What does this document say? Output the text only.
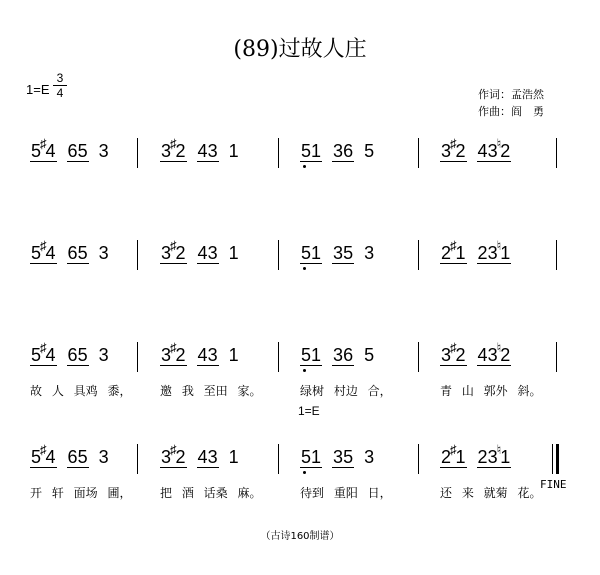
(89)过故人庄
1=E
3
4	作词：孟浩然
作曲：阎　勇
5♯4 65 3	3♯2 43 1	51 36 5	3♯2 43♮2
5♯4 65 3	3♯2 43 1	51 35 3	2♯1 23♮1
5♯4 65 3	3♯2 43 1	51 36 5	3♯2 43♮2
故 人 具鸡 黍， 邀 我 至田 家。	绿树 村边 合，	青 山 郭外 斜。
5♯4 65 3	3♯2 43 1	51 35 3	2♯1 23♮1
开 轩 面场 圃， 把 酒 话桑 麻。	待到 重阳 日，	还 来 就菊 花。
1=E
FINE
（古诗160制谱）
